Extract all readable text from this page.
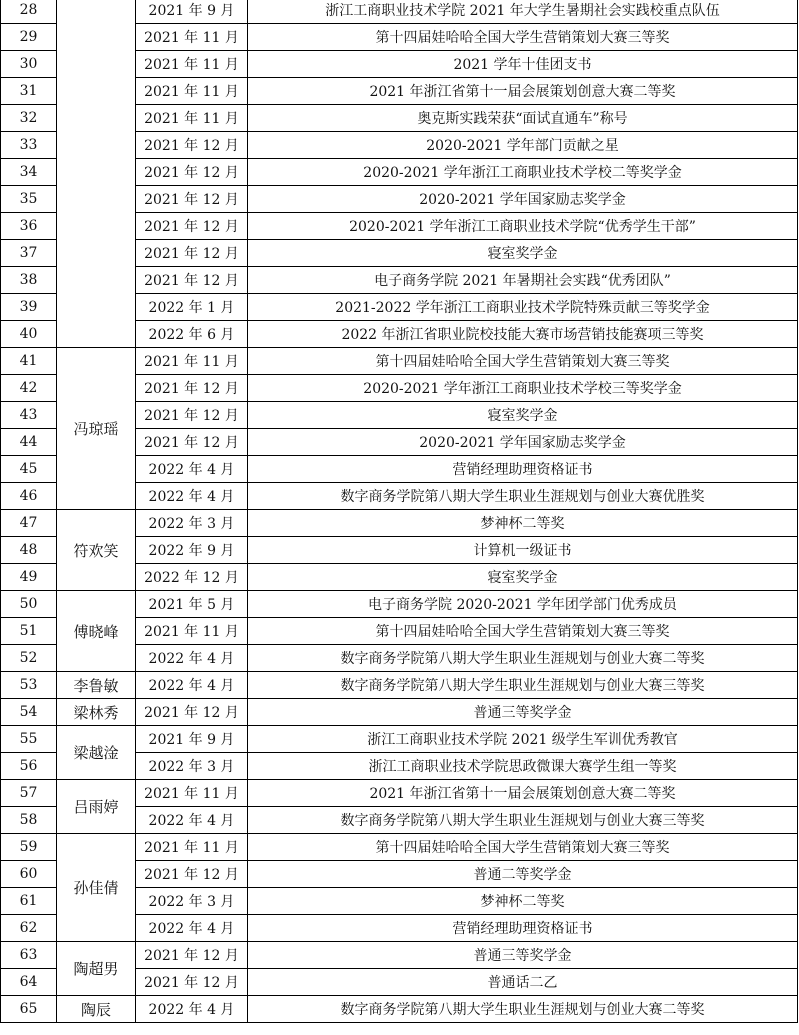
28		2021 年 9 月	浙江工商职业技术学院 2021 年大学生暑期社会实践校重点队伍
29		2021 年 11 月	第十四届娃哈哈全国大学生营销策划大赛三等奖
30		2021 年 11 月	2021 学年十佳团支书
31		2021 年 11 月	2021 年浙江省第十一届会展策划创意大赛二等奖
32		2021 年 11 月	奥克斯实践荣获“面试直通车”称号
33		2021 年 12 月	2020-2021 学年部门贡献之星
34		2021 年 12 月	2020-2021 学年浙江工商职业技术学校二等奖学金
35		2021 年 12 月	2020-2021 学年国家励志奖学金
36		2021 年 12 月	2020-2021 学年浙江工商职业技术学院“优秀学生干部”
37		2021 年 12 月	寝室奖学金
38		2021 年 12 月	电子商务学院 2021 年暑期社会实践“优秀团队”
39		2022 年 1 月	2021-2022 学年浙江工商职业技术学院特殊贡献三等奖学金
40		2022 年 6 月	2022 年浙江省职业院校技能大赛市场营销技能赛项三等奖
41	冯琼瑶	2021 年 11 月	第十四届娃哈哈全国大学生营销策划大赛三等奖
42		2021 年 12 月	2020-2021 学年浙江工商职业技术学校三等奖学金
43		2021 年 12 月	寝室奖学金
44		2021 年 12 月	2020-2021 学年国家励志奖学金
45		2022 年 4 月	营销经理助理资格证书
46		2022 年 4 月	数字商务学院第八期大学生职业生涯规划与创业大赛优胜奖
47	符欢笑	2022 年 3 月	梦神杯二等奖
48		2022 年 9 月	计算机一级证书
49		2022 年 12 月	寝室奖学金
50	傅晓峰	2021 年 5 月	电子商务学院 2020-2021 学年团学部门优秀成员
51		2021 年 11 月	第十四届娃哈哈全国大学生营销策划大赛三等奖
52		2022 年 4 月	数字商务学院第八期大学生职业生涯规划与创业大赛二等奖
53	李鲁敏	2022 年 4 月	数字商务学院第八期大学生职业生涯规划与创业大赛三等奖
54	梁林秀	2021 年 12 月	普通三等奖学金
55	梁越淦	2021 年 9 月	浙江工商职业技术学院 2021 级学生军训优秀教官
56		2022 年 3 月	浙江工商职业技术学院思政微课大赛学生组一等奖
57	吕雨婷	2021 年 11 月	2021 年浙江省第十一届会展策划创意大赛二等奖
58		2022 年 4 月	数字商务学院第八期大学生职业生涯规划与创业大赛三等奖
59	孙佳倩	2021 年 11 月	第十四届娃哈哈全国大学生营销策划大赛三等奖
60		2021 年 12 月	普通二等奖学金
61		2022 年 3 月	梦神杯二等奖
62		2022 年 4 月	营销经理助理资格证书
63	陶超男	2021 年 12 月	普通三等奖学金
64		2021 年 12 月	普通话二乙
65	陶辰	2022 年 4 月	数字商务学院第八期大学生职业生涯规划与创业大赛二等奖
